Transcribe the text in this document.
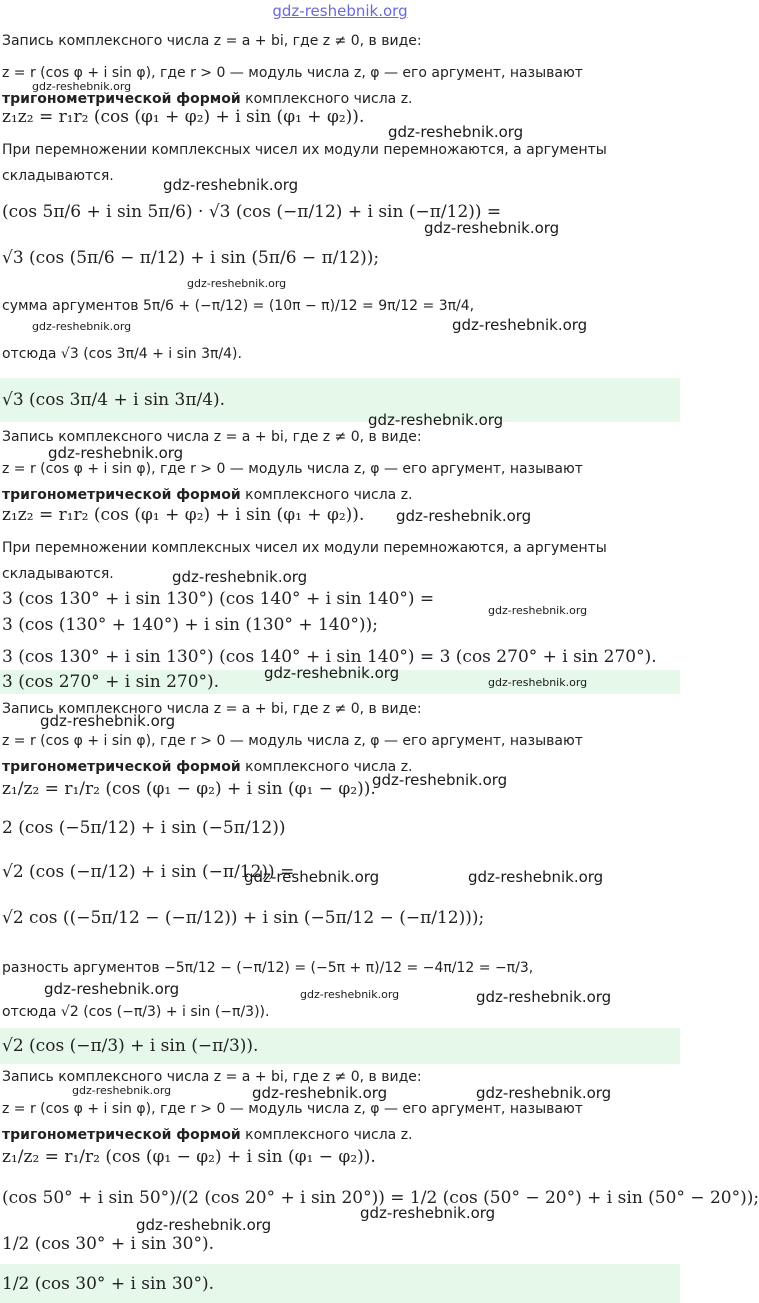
gdz-reshebnik.org
Запись комплексного числа z = a + bi, где z ≠ 0, в виде:
z = r (cos φ + i sin φ), где r > 0 — модуль числа z, φ — его аргумент, называют
тригонометрической формой комплексного числа z.
z₁z₂ = r₁r₂ (cos (φ₁ + φ₂) + i sin (φ₁ + φ₂)).
При перемножении комплексных чисел их модули перемножаются, а аргументы
складываются.
(cos 5π/6 + i sin 5π/6) · √3 (cos (−π/12) + i sin (−π/12)) =
√3 (cos (5π/6 − π/12) + i sin (5π/6 − π/12));
сумма аргументов 5π/6 + (−π/12) = (10π − π)/12 = 9π/12 = 3π/4,
отсюда √3 (cos 3π/4 + i sin 3π/4).
√3 (cos 3π/4 + i sin 3π/4).
Запись комплексного числа z = a + bi, где z ≠ 0, в виде:
z = r (cos φ + i sin φ), где r > 0 — модуль числа z, φ — его аргумент, называют
тригонометрической формой комплексного числа z.
z₁z₂ = r₁r₂ (cos (φ₁ + φ₂) + i sin (φ₁ + φ₂)).
При перемножении комплексных чисел их модули перемножаются, а аргументы
складываются.
3 (cos 130° + i sin 130°) (cos 140° + i sin 140°) =
3 (cos (130° + 140°) + i sin (130° + 140°));
3 (cos 130° + i sin 130°) (cos 140° + i sin 140°) = 3 (cos 270° + i sin 270°).
3 (cos 270° + i sin 270°).
Запись комплексного числа z = a + bi, где z ≠ 0, в виде:
z = r (cos φ + i sin φ), где r > 0 — модуль числа z, φ — его аргумент, называют
тригонометрической формой комплексного числа z.
z₁/z₂ = r₁/r₂ (cos (φ₁ − φ₂) + i sin (φ₁ − φ₂)).
2 (cos (−5π/12) + i sin (−5π/12))
√2 (cos (−π/12) + i sin (−π/12)) =
√2 cos ((−5π/12 − (−π/12)) + i sin (−5π/12 − (−π/12)));
разность аргументов −5π/12 − (−π/12) = (−5π + π)/12 = −4π/12 = −π/3,
отсюда √2 (cos (−π/3) + i sin (−π/3)).
√2 (cos (−π/3) + i sin (−π/3)).
Запись комплексного числа z = a + bi, где z ≠ 0, в виде:
z = r (cos φ + i sin φ), где r > 0 — модуль числа z, φ — его аргумент, называют
тригонометрической формой комплексного числа z.
z₁/z₂ = r₁/r₂ (cos (φ₁ − φ₂) + i sin (φ₁ − φ₂)).
(cos 50° + i sin 50°)/(2 (cos 20° + i sin 20°)) = 1/2 (cos (50° − 20°) + i sin (50° − 20°));
1/2 (cos 30° + i sin 30°).
1/2 (cos 30° + i sin 30°).
gdz-reshebnik.org
gdz-reshebnik.org
gdz-reshebnik.org
gdz-reshebnik.org
gdz-reshebnik.org
gdz-reshebnik.org	gdz-reshebnik.org
gdz-reshebnik.org
gdz-reshebnik.org
gdz-reshebnik.org
gdz-reshebnik.org
gdz-reshebnik.org
gdz-reshebnik.org
gdz-reshebnik.org
gdz-reshebnik.org
gdz-reshebnik.org
gdz-reshebnik.org	gdz-reshebnik.org
gdz-reshebnik.org	gdz-reshebnik.org	gdz-reshebnik.org
gdz-reshebnik.org	gdz-reshebnik.org	gdz-reshebnik.org
gdz-reshebnik.org
gdz-reshebnik.org
